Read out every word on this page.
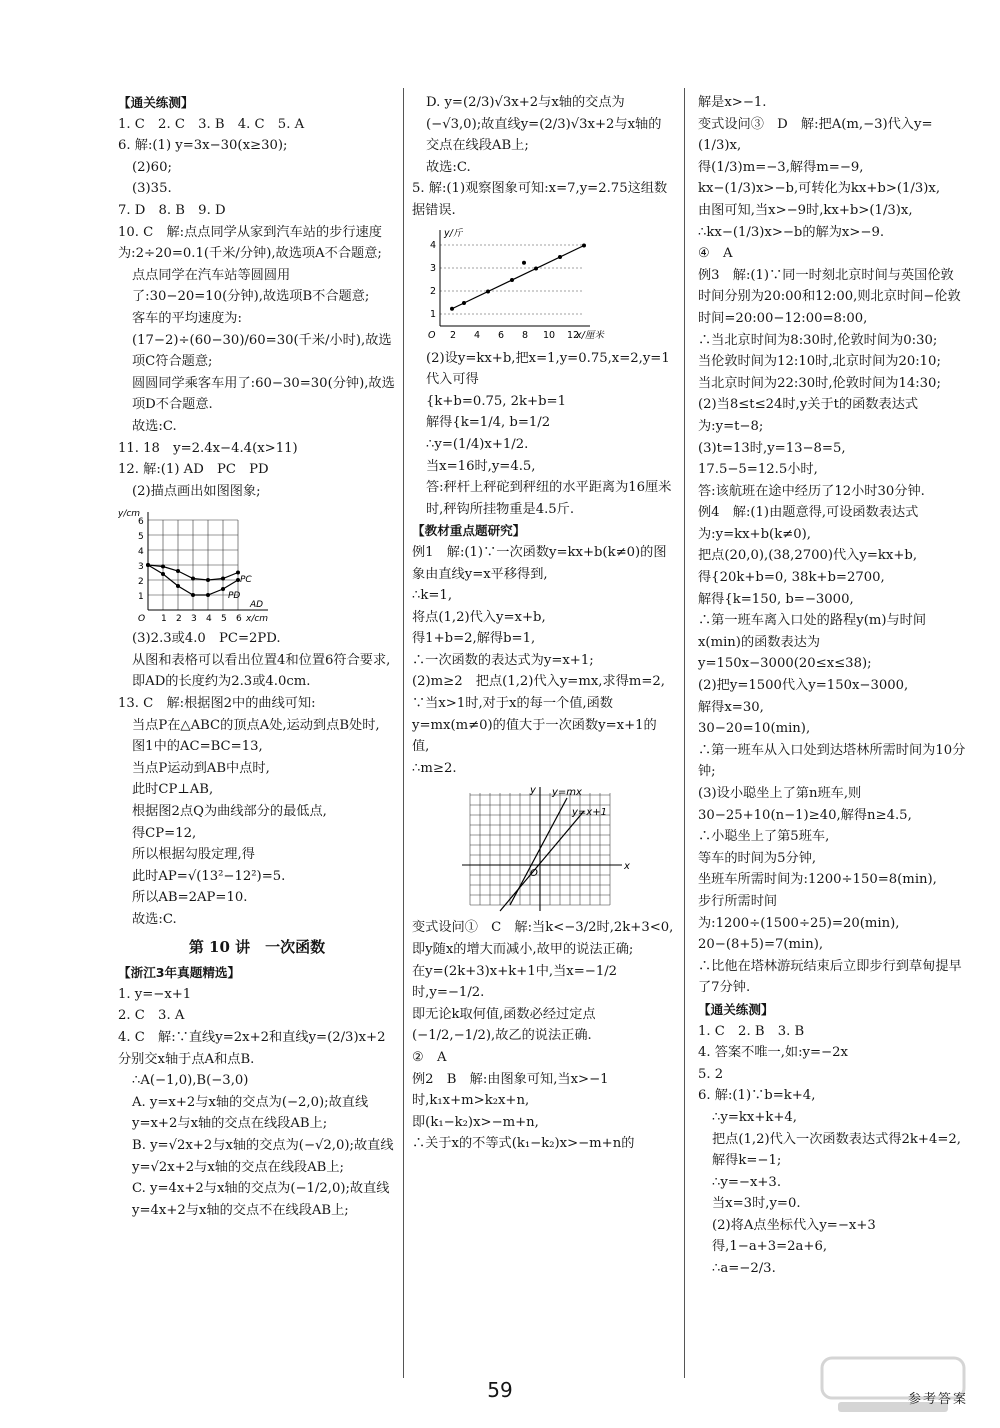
【通关练测】
1. C　2. C　3. B　4. C　5. A
6. 解:(1) y=3x−30(x≥30);
(2)60;
(3)35.
7. D　8. B　9. D
10. C　解:点点同学从家到汽车站的步行速度为:2÷20=0.1(千米/分钟),故选项A不合题意;
点点同学在汽车站等圆圆用了:30−20=10(分钟),故选项B不合题意;
客车的平均速度为:(17−2)÷(60−30)/60=30(千米/小时),故选项C符合题意;
圆圆同学乘客车用了:60−30=30(分钟),故选项D不合题意.
故选:C.
11. 18　y=2.4x−4.4(x>11)
12. 解:(1) AD　PC　PD
(2)描点画出如图图象;
1
2
3
4
5
6
1 2 3 4 5 6
O	x/cm
y/cm
PC
PD
AD
(3)2.3或4.0　PC=2PD.
从图和表格可以看出位置4和位置6符合要求,
即AD的长度约为2.3或4.0cm.
13. C　解:根据图2中的曲线可知:
当点P在△ABC的顶点A处,运动到点B处时,
图1中的AC=BC=13,
当点P运动到AB中点时,
此时CP⊥AB,
根据图2点Q为曲线部分的最低点,
得CP=12,
所以根据勾股定理,得
此时AP=√(13²−12²)=5.
所以AB=2AP=10.
故选:C.
第 10 讲　一次函数
【浙江3年真题精选】
1. y=−x+1
2. C　3. A
4. C　解:∵直线y=2x+2和直线y=(2/3)x+2分别交x轴于点A和点B.
∴A(−1,0),B(−3,0)
A. y=x+2与x轴的交点为(−2,0);故直线y=x+2与x轴的交点在线段AB上;
B. y=√2x+2与x轴的交点为(−√2,0);故直线y=√2x+2与x轴的交点在线段AB上;
C. y=4x+2与x轴的交点为(−1/2,0);故直线y=4x+2与x轴的交点不在线段AB上;
D. y=(2/3)√3x+2与x轴的交点为(−√3,0);故直线y=(2/3)√3x+2与x轴的交点在线段AB上;
故选:C.
5. 解:(1)观察图象可知:x=7,y=2.75这组数据错误.
1
2
3
4
2 4 6 8 10 12
O	x/厘米
y/斤
(2)设y=kx+b,把x=1,y=0.75,x=2,y=1代入可得
{k+b=0.75, 2k+b=1
解得{k=1/4, b=1/2
∴y=(1/4)x+1/2.
当x=16时,y=4.5,
答:秤杆上秤砣到秤纽的水平距离为16厘米时,秤钩所挂物重是4.5斤.
【教材重点题研究】
例1　解:(1)∵一次函数y=kx+b(k≠0)的图象由直线y=x平移得到,
∴k=1,
将点(1,2)代入y=x+b,
得1+b=2,解得b=1,
∴一次函数的表达式为y=x+1;
(2)m≥2　把点(1,2)代入y=mx,求得m=2,
∵当x>1时,对于x的每一个值,函数y=mx(m≠0)的值大于一次函数y=x+1的值,
∴m≥2.
y
x
O
y=mx
y=x+1
变式设问①　C　解:当k<−3/2时,2k+3<0,即y随x的增大而减小,故甲的说法正确;
在y=(2k+3)x+k+1中,当x=−1/2时,y=−1/2.
即无论k取何值,函数必经过定点(−1/2,−1/2),故乙的说法正确.
②　A
例2　B　解:由图象可知,当x>−1时,k₁x+m>k₂x+n,
即(k₁−k₂)x>−m+n,
∴关于x的不等式(k₁−k₂)x>−m+n的
解是x>−1.
变式设问③　D　解:把A(m,−3)代入y=(1/3)x,
得(1/3)m=−3,解得m=−9,
kx−(1/3)x>−b,可转化为kx+b>(1/3)x,
由图可知,当x>−9时,kx+b>(1/3)x,
∴kx−(1/3)x>−b的解为x>−9.
④　A
例3　解:(1)∵同一时刻北京时间与英国伦敦时间分别为20:00和12:00,则北京时间−伦敦时间=20:00−12:00=8:00,
∴当北京时间为8:30时,伦敦时间为0:30;
当伦敦时间为12:10时,北京时间为20:10;
当北京时间为22:30时,伦敦时间为14:30;
(2)当8≤t≤24时,y关于t的函数表达式为:y=t−8;
(3)t=13时,y=13−8=5,
17.5−5=12.5小时,
答:该航班在途中经历了12小时30分钟.
例4　解:(1)由题意得,可设函数表达式为:y=kx+b(k≠0),
把点(20,0),(38,2700)代入y=kx+b,
得{20k+b=0, 38k+b=2700,
解得{k=150, b=−3000,
∴第一班车离入口处的路程y(m)与时间x(min)的函数表达为y=150x−3000(20≤x≤38);
(2)把y=1500代入y=150x−3000,
解得x=30,
30−20=10(min),
∴第一班车从入口处到达塔林所需时间为10分钟;
(3)设小聪坐上了第n班车,则
30−25+10(n−1)≥40,解得n≥4.5,
∴小聪坐上了第5班车,
等车的时间为5分钟,
坐班车所需时间为:1200÷150=8(min),
步行所需时间为:1200÷(1500÷25)=20(min),
20−(8+5)=7(min),
∴比他在塔林游玩结束后立即步行到草甸提早了7分钟.
【通关练测】
1. C　2. B　3. B
4. 答案不唯一,如:y=−2x
5. 2
6. 解:(1)∵b=k+4,
∴y=kx+k+4,
把点(1,2)代入一次函数表达式得2k+4=2,解得k=−1;
∴y=−x+3.
当x=3时,y=0.
(2)将A点坐标代入y=−x+3得,1−a+3=2a+6,
∴a=−2/3.
59	参考答案
